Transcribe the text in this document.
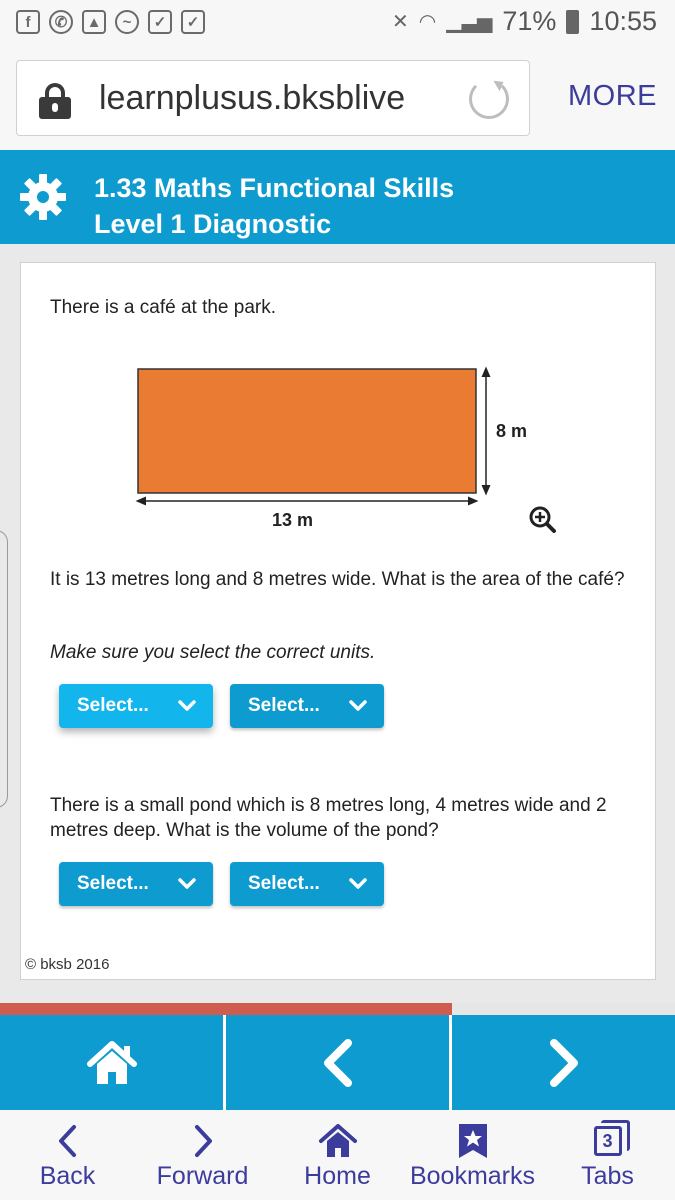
f	✆	▲	~	✓	✓	✕ ◠ ▁▃▅ 71% 10:55
learnplusus.bksblive	MORE
1.33 Maths Functional Skills
Level 1 Diagnostic
There is a café at the park.
8 m
13 m
It is 13 metres long and 8 metres wide. What is the area of the café?
Make sure you select the correct units.
Select...	Select...
There is a small pond which is 8 metres long, 4 metres wide and 2 metres deep. What is the volume of the pond?
Select...	Select...
© bksb 2016
Back Forward Home Bookmarks
3
Tabs
